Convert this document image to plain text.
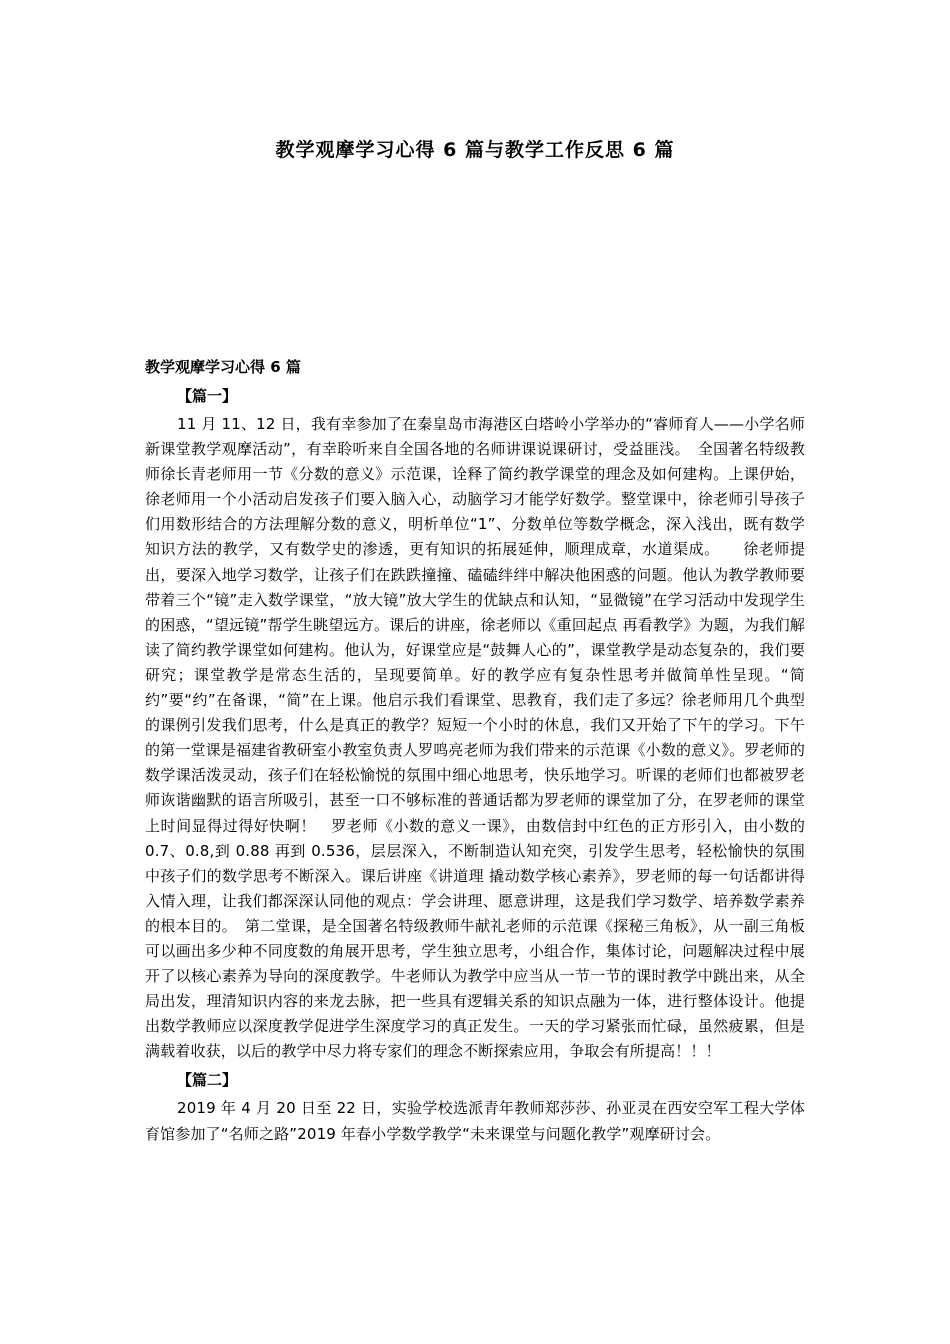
教学观摩学习心得 6 篇与教学工作反思 6 篇
教学观摩学习心得 6 篇

【篇一】

11 月 11、12 日，我有幸参加了在秦皇岛市海港区白塔岭小学举办的“睿师育人——小学名师新课堂教学观摩活动”，有幸聆听来自全国各地的名师讲课说课研讨，受益匪浅。　全国著名特级教师徐长青老师用一节《分数的意义》示范课，诠释了简约教学课堂的理念及如何建构。上课伊始，徐老师用一个小活动启发孩子们要入脑入心，动脑学习才能学好数学。整堂课中，徐老师引导孩子们用数形结合的方法理解分数的意义，明析单位“1”、分数单位等数学概念，深入浅出，既有数学知识方法的教学，又有数学史的渗透，更有知识的拓展延伸，顺理成章，水道渠成。　　徐老师提出，要深入地学习数学，让孩子们在跌跌撞撞、磕磕绊绊中解决他困惑的问题。他认为教学教师要带着三个“镜”走入数学课堂，“放大镜”放大学生的优缺点和认知，“显微镜”在学习活动中发现学生的困惑，“望远镜”帮学生眺望远方。课后的讲座，徐老师以《重回起点 再看教学》为题，为我们解读了简约教学课堂如何建构。他认为，好课堂应是“鼓舞人心的”，课堂教学是动态复杂的，我们要研究；课堂教学是常态生活的，呈现要简单。好的教学应有复杂性思考并做简单性呈现。“简约”要“约”在备课，“简”在上课。他启示我们看课堂、思教育，我们走了多远？徐老师用几个典型的课例引发我们思考，什么是真正的教学？短短一个小时的休息，我们又开始了下午的学习。下午的第一堂课是福建省教研室小教室负责人罗鸣亮老师为我们带来的示范课《小数的意义》。罗老师的数学课活泼灵动，孩子们在轻松愉悦的氛围中细心地思考，快乐地学习。听课的老师们也都被罗老师诙谐幽默的语言所吸引，甚至一口不够标准的普通话都为罗老师的课堂加了分，在罗老师的课堂上时间显得过得好快啊！　罗老师《小数的意义一课》，由数信封中红色的正方形引入，由小数的 0.7、0.8,到 0.88 再到 0.536，层层深入，不断制造认知充突，引发学生思考，轻松愉快的氛围中孩子们的数学思考不断深入。课后讲座《讲道理 撬动数学核心素养》，罗老师的每一句话都讲得入情入理，让我们都深深认同他的观点：学会讲理、愿意讲理，这是我们学习数学、培养数学素养的根本目的。　第二堂课，是全国著名特级教师牛献礼老师的示范课《探秘三角板》，从一副三角板可以画出多少种不同度数的角展开思考，学生独立思考，小组合作，集体讨论，问题解决过程中展开了以核心素养为导向的深度教学。牛老师认为教学中应当从一节一节的课时教学中跳出来，从全局出发，理清知识内容的来龙去脉，把一些具有逻辑关系的知识点融为一体，进行整体设计。他提出数学教师应以深度教学促进学生深度学习的真正发生。一天的学习紧张而忙碌，虽然疲累，但是满载着收获，以后的教学中尽力将专家们的理念不断探索应用，争取会有所提高！！！

【篇二】

2019 年 4 月 20 日至 22 日，实验学校选派青年教师郑莎莎、孙亚灵在西安空军工程大学体育馆参加了“名师之路”2019 年春小学数学教学“未来课堂与问题化教学”观摩研讨会。
